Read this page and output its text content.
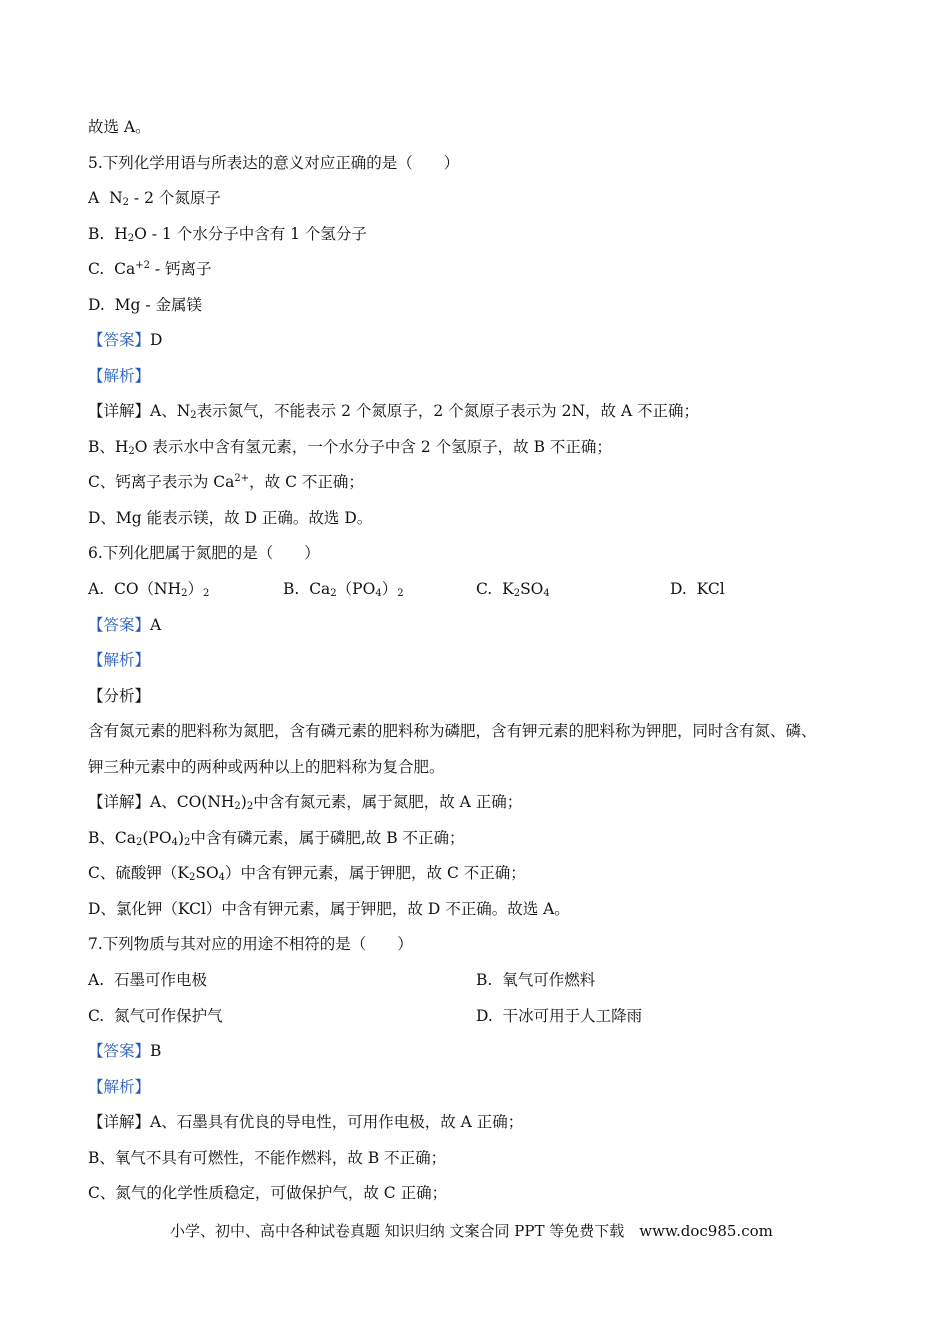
故选 A。
5.下列化学用语与所表达的意义对应正确的是（　　）
A $N_2 - 2$ 个氮原子
B. $H_2O - 1$ 个水分子中含有 1 个氢分子
C. $Ca^{+2}$ - 钙离子
D. Mg - 金属镁
【答案】D
【解析】
【详解】A、$N_2$表示氮气，不能表示 2 个氮原子，2 个氮原子表示为 2N，故 A 不正确；
B、$H_2O$ 表示水中含有氢元素，一个水分子中含 2 个氢原子，故 B 不正确；
C、钙离子表示为 $Ca^{2+}$，故 C 不正确；
D、Mg 能表示镁，故 D 正确。故选 D。
6.下列化肥属于氮肥的是（　　）
A. $CO(NH_2)_2$	B. $Ca_2(PO_4)_2$	C. $K_2SO_4$	D. KCl
【答案】A
【解析】
【分析】
含有氮元素的肥料称为氮肥，含有磷元素的肥料称为磷肥，含有钾元素的肥料称为钾肥，同时含有氮、磷、
钾三种元素中的两种或两种以上的肥料称为复合肥。
【详解】A、$CO(NH_2)_2$中含有氮元素，属于氮肥，故 A 正确；
B、$Ca_2(PO_4)_2$中含有磷元素，属于磷肥,故 B 不正确；
C、硫酸钾$(K_2SO_4)$中含有钾元素，属于钾肥，故 C 不正确；
D、氯化钾（KCl）中含有钾元素，属于钾肥，故 D 不正确。故选 A。
7.下列物质与其对应的用途不相符的是（　　）
A. 石墨可作电极	B. 氧气可作燃料
C. 氮气可作保护气	D. 干冰可用于人工降雨
【答案】B
【解析】
【详解】A、石墨具有优良的导电性，可用作电极，故 A 正确；
B、氧气不具有可燃性，不能作燃料，故 B 不正确；
C、氮气的化学性质稳定，可做保护气，故 C 正确；
小学、初中、高中各种试卷真题 知识归纳 文案合同 PPT 等免费下载　www.doc985.com
